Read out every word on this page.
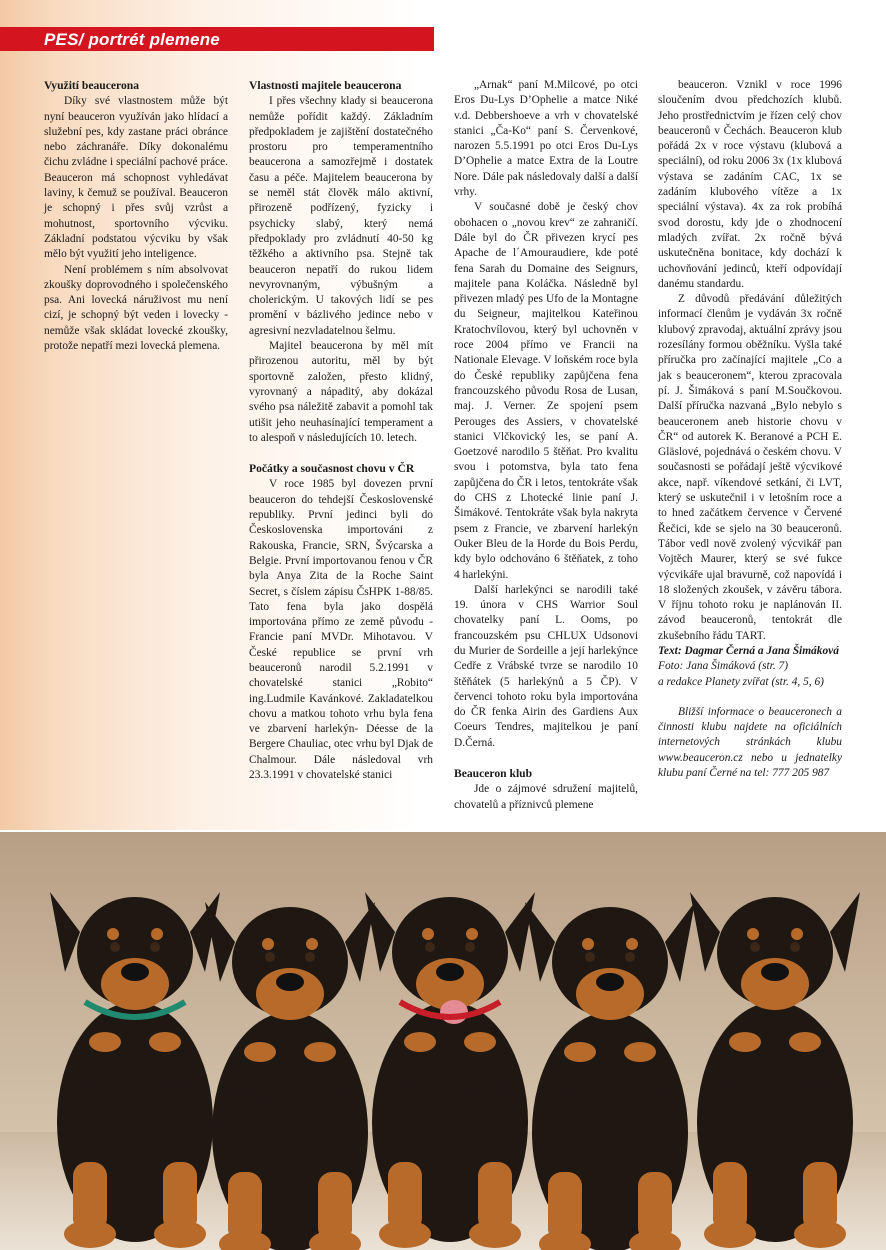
PES/ portrét plemene
Využití beaucerona

Díky své vlastnostem může být nyní beauceron využíván jako hlídací a služební pes, kdy zastane práci obránce nebo záchranáře. Díky dokonalému čichu zvládne i speciální pachové práce. Beauceron má schopnost vyhledávat laviny, k čemuž se používal. Beauceron je schopný i přes svůj vzrůst a mohutnost, sportovního výcviku. Základní podstatou výcviku by však mělo být využití jeho inteligence.

Není problémem s ním absolvovat zkoušky doprovodného i společenského psa. Ani lovecká náruživost mu není cizí, je schopný být veden i lovecky - nemůže však skládat lovecké zkoušky, protože nepatří mezi lovecká plemena.

Vlastnosti majitele beaucerona

I přes všechny klady si beaucerona nemůže pořídit každý. Základním předpokladem je zajištění dostatečného prostoru pro temperamentního beaucerona a samozřejmě i dostatek času a péče. Majitelem beaucerona by se neměl stát člověk málo aktivní, přirozeně podřízený, fyzicky i psychicky slabý, který nemá předpoklady pro zvládnutí 40-50 kg těžkého a aktivního psa. Stejně tak beauceron nepatří do rukou lidem nevyrovnaným, výbušným a cholerickým. U takových lidí se pes promění v bázlivého jedince nebo v agresivní nezvladatelnou šelmu.

Majitel beaucerona by měl mít přirozenou autoritu, měl by být sportovně založen, přesto klidný, vyrovnaný a nápaditý, aby dokázal svého psa náležitě zabavit a pomohl tak utišit jeho neuhasínající temperament a to alespoň v následujících 10. letech.

Počátky a současnost chovu v ČR

V roce 1985 byl dovezen první beauceron do tehdejší Československé republiky. První jedinci byli do Československa importováni z Rakouska, Francie, SRN, Švýcarska a Belgie. První importovanou fenou v ČR byla Anya Zita de la Roche Saint Secret, s číslem zápisu ČsHPK 1-88/85. Tato fena byla jako dospělá importována přímo ze země původu - Francie paní MVDr. Mihotavou. V České republice se první vrh beauceronů narodil 5.2.1991 v chovatelské stanici „Robito“ ing.Ludmile Kavánkové. Zakladatelkou chovu a matkou tohoto vrhu byla fena ve zbarvení harlekýn- Déesse de la Bergere Chauliac, otec vrhu byl Djak de Chalmour. Dále následoval vrh 23.3.1991 v chovatelské stanici

„Arnak“ paní M.Milcové, po otci Eros Du-Lys D’Ophelie a matce Niké v.d. Debbershoeve a vrh v chovatelské stanici „Ča-Ko“ paní S. Červenkové, narozen 5.5.1991 po otci Eros Du-Lys D’Ophelie a matce Extra de la Loutre Nore. Dále pak následovaly další a další vrhy.

V současné době je český chov obohacen o „novou krev“ ze zahraničí. Dále byl do ČR přivezen krycí pes Apache de l´Amouraudiere, kde poté fena Sarah du Domaine des Seignurs, majitele pana Koláčka. Následně byl přivezen mladý pes Ufo de la Montagne du Seigneur, majitelkou Kateřinou Kratochvílovou, který byl uchovněn v roce 2004 přímo ve Francii na Nationale Elevage. V loňském roce byla do České republiky zapůjčena fena francouzského původu Rosa de Lusan, maj. J. Verner. Ze spojení psem Perouges des Assiers, v chovatelské stanici Vlčkovický les, se paní A. Goetzové narodilo 5 štěňat. Pro kvalitu svou i potomstva, byla tato fena zapůjčena do ČR i letos, tentokráte však do CHS z Lhotecké linie paní J. Šimákové. Tentokráte však byla nakryta psem z Francie, ve zbarvení harlekýn Ouker Bleu de la Horde du Bois Perdu, kdy bylo odchováno 6 štěňatek, z toho 4 harlekýni.

Další harlekýnci se narodili také 19. února v CHS Warrior Soul chovatelky paní L. Ooms, po francouzském psu CHLUX Udsonovi du Murier de Sordeille a její harlekýnce Cedře z Vrábské tvrze se narodilo 10 štěňátek (5 harlekýnů a 5 ČP). V červenci tohoto roku byla importována do ČR fenka Airin des Gardiens Aux Coeurs Tendres, majitelkou je paní D.Černá.

Beauceron klub

Jde o zájmové sdružení majitelů, chovatelů a příznivců plemene

beauceron. Vznikl v roce 1996 sloučením dvou předchozích klubů. Jeho prostřednictvím je řízen celý chov beauceronů v Čechách. Beauceron klub pořádá 2x v roce výstavu (klubová a speciální), od roku 2006 3x (1x klubová výstava se zadáním CAC, 1x se zadáním klubového vítěze a 1x speciální výstava). 4x za rok probíhá svod dorostu, kdy jde o zhodnocení mladých zvířat. 2x ročně bývá uskutečněna bonitace, kdy dochází k uchovňování jedinců, kteří odpovídají danému standardu.

Z důvodů předávání důležitých informací členům je vydáván 3x ročně klubový zpravodaj, aktuální zprávy jsou rozesílány formou oběžníku. Vyšla také příručka pro začínající majitele „Co a jak s beauceronem“, kterou zpracovala pí. J. Šimáková s paní M.Součkovou. Další příručka nazvaná „Bylo nebylo s beauceronem aneb historie chovu v ČR“ od autorek K. Beranové a PCH E. Gläslové, pojednává o českém chovu. V současnosti se pořádají ještě výcvikové akce, např. víkendové setkání, či LVT, který se uskutečnil i v letošním roce a to hned začátkem července v Červené Řečici, kde se sjelo na 30 beauceronů. Tábor vedl nově zvolený výcvikář pan Vojtěch Maurer, který se své fukce výcvikáře ujal bravurně, což napovídá i 18 složených zkoušek, v závěru tábora. V říjnu tohoto roku je naplánován II. závod beauceronů, tentokrát dle zkušebního řádu TART.

Text: Dagmar Černá a Jana Šimáková

Foto: Jana Šimáková (str. 7)

a redakce Planety zvířat (str. 4, 5, 6)

Bližší informace o beauceronech a činnosti klubu najdete na oficiálních internetových stránkách klubu www.beauceron.cz nebo u jednatelky klubu paní Černé na tel: 777 205 987
